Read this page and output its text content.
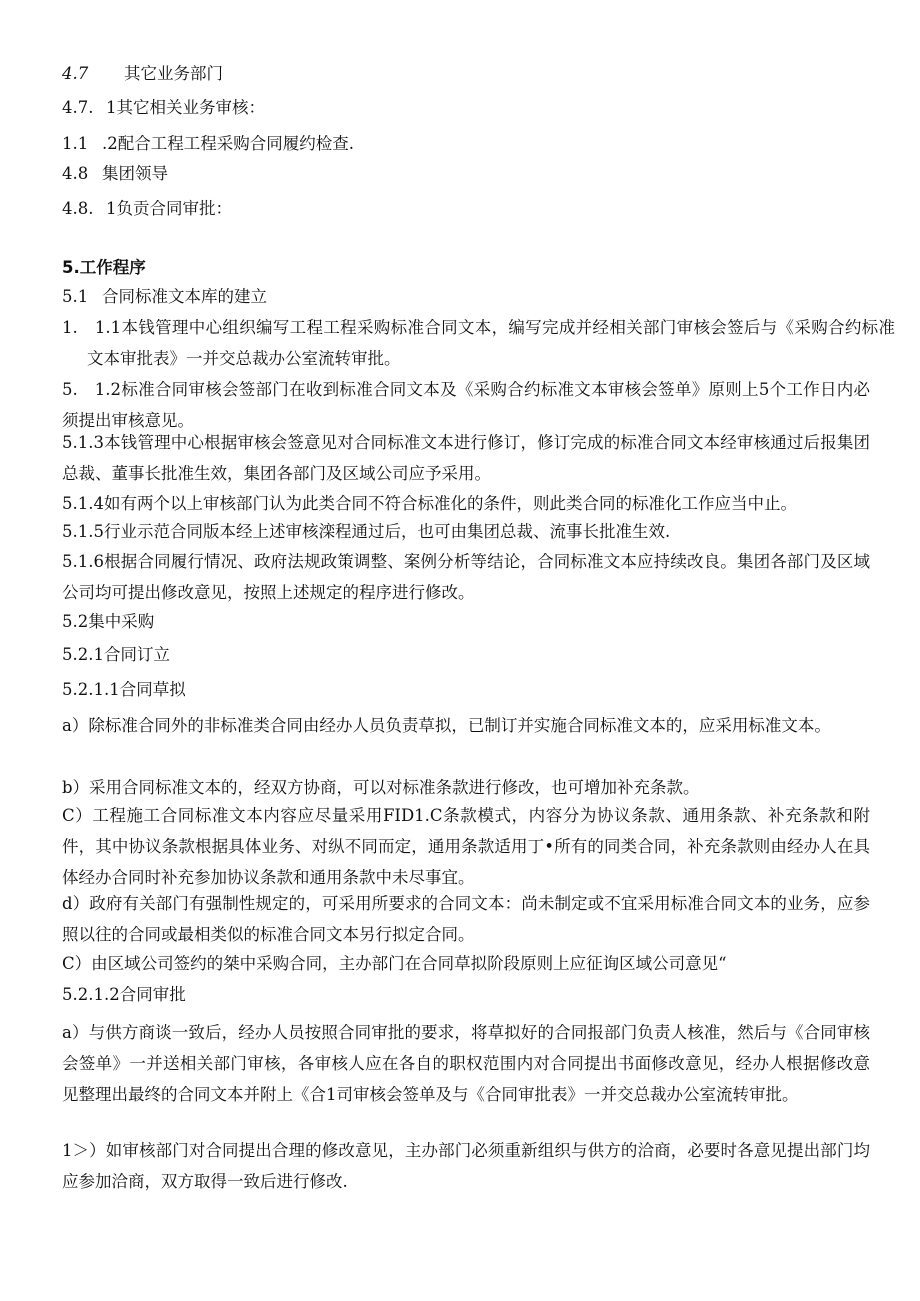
4.7 其它业务部门
4.7. 1其它相关业务审核：
1.1 .2配合工程工程采购合同履约检查.
4.8 集团领导
4.8. 1负贡合同审批：
5.工作程序
5.1 合同标准文本库的建立
1.　1.1本钱管理中心组织编写工程工程采购标准合同文本，编写完成并经相关部门审核会签后与《采购合约标准文本审批表》一并交总裁办公室流转审批。
5.　1.2标准合同审核会签部门在收到标准合同文本及《采购合约标准文本审核会签单》原则上5个工作日内必须提出审核意见。
5.1.3本钱管理中心根据审核会签意见对合同标准文本进行修订，修订完成的标准合同文本经审核通过后报集团总裁、董事长批准生效，集团各部门及区域公司应予采用。
5.1.4如有两个以上审核部门认为此类合同不符合标准化的条件，则此类合同的标准化工作应当中止。
5.1.5行业示范合同版本经上述审核滦程通过后，也可由集团总裁、流事长批准生效.
5.1.6根据合同履行情况、政府法规政策调整、案例分析等结论，合同标准文本应持续改良。集团各部门及区域公司均可提出修改意见，按照上述规定的程序进行修改。
5.2集中采购
5.2.1合同订立
5.2.1.1合同草拟
a）除标准合同外的非标准类合同由经办人员负责草拟，已制订并实施合同标准文本的，应采用标准文本。
b）采用合同标准文本的，经双方协商，可以对标准条款进行修改，也可增加补充条款。
C）工程施工合同标准文本内容应尽量采用FID1.C条款模式，内容分为协议条款、通用条款、补充条款和附件，其中协议条款根据具体业务、对纵不同而定，通用条款适用丁•所有的同类合同，补充条款则由经办人在具体经办合同时补充参加协议条款和通用条款中未尽事宜。
d）政府有关部门有强制性规定的，可采用所要求的合同文本：尚未制定或不宜采用标准合同文本的业务，应参照以往的合同或最相类似的标准合同文本另行拟定合同。
C）由区域公司签约的桀中采购合同，主办部门在合同草拟阶段原则上应征询区域公司意见“
5.2.1.2合同审批
a）与供方商谈一致后，经办人员按照合同审批的要求，将草拟好的合同报部门负责人核准，然后与《合同审核会签单》一并送相关部门审核，各审核人应在各自的职权范围内对合同提出书面修改意见，经办人根据修改意见整理出最终的合同文本并附上《合1司审核会签单及与《合同审批表》一并交总裁办公室流转审批。
1＞）如审核部门对合同提出合理的修改意见，主办部门必须重新组织与供方的洽商，必要时各意见提出部门均应参加洽商，双方取得一致后进行修改.
